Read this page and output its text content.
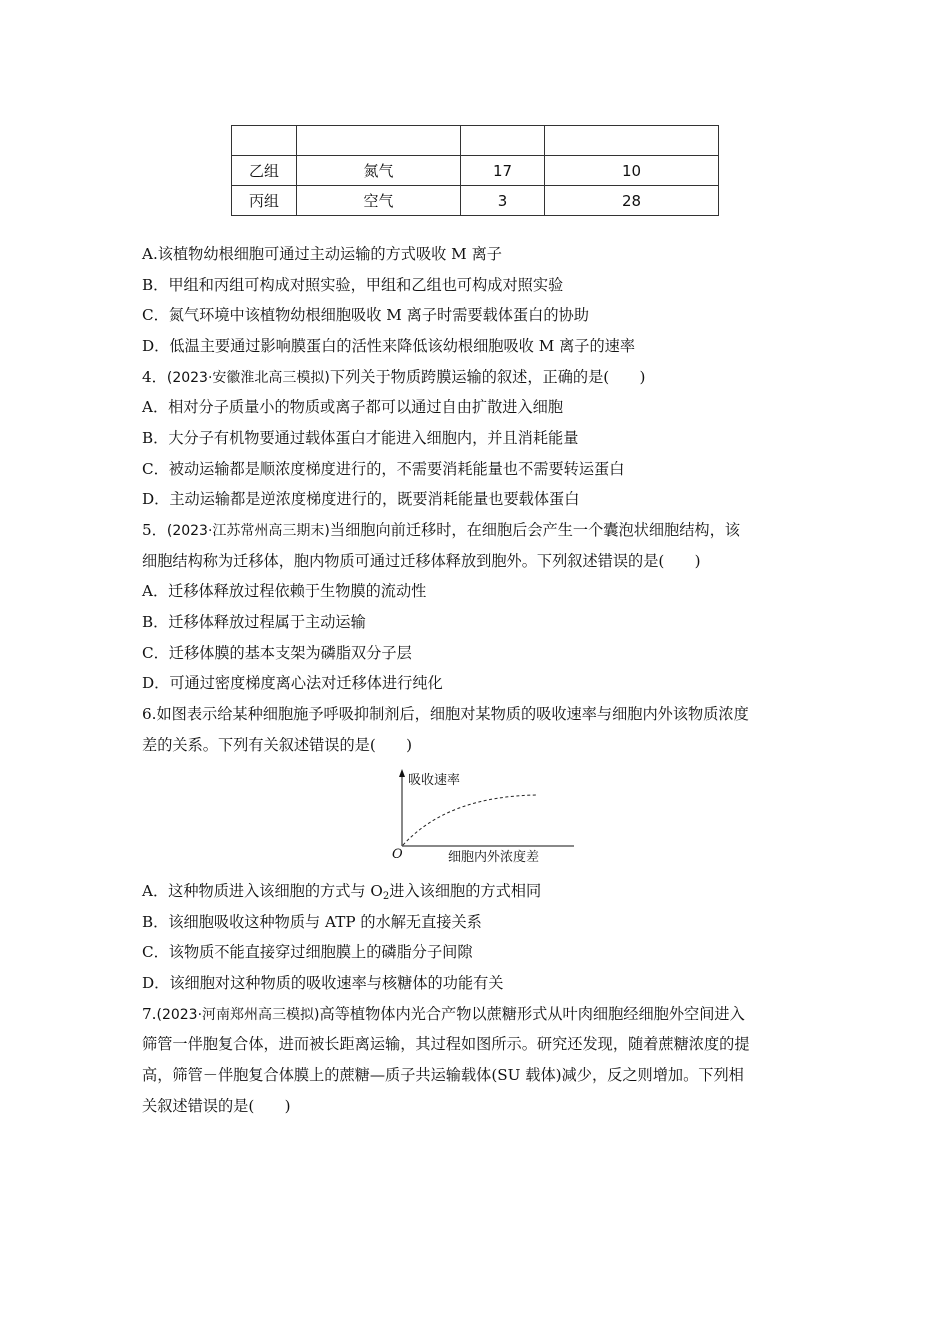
乙组	氮气	17	10
丙组	空气	3	28
A.该植物幼根细胞可通过主动运输的方式吸收 M 离子
B．甲组和丙组可构成对照实验，甲组和乙组也可构成对照实验
C．氮气环境中该植物幼根细胞吸收 M 离子时需要载体蛋白的协助
D．低温主要通过影响膜蛋白的活性来降低该幼根细胞吸收 M 离子的速率
4．(2023·安徽淮北高三模拟)下列关于物质跨膜运输的叙述，正确的是(　　)
A．相对分子质量小的物质或离子都可以通过自由扩散进入细胞
B．大分子有机物要通过载体蛋白才能进入细胞内，并且消耗能量
C．被动运输都是顺浓度梯度进行的，不需要消耗能量也不需要转运蛋白
D．主动运输都是逆浓度梯度进行的，既要消耗能量也要载体蛋白
5．(2023·江苏常州高三期末)当细胞向前迁移时，在细胞后会产生一个囊泡状细胞结构，该
细胞结构称为迁移体，胞内物质可通过迁移体释放到胞外。下列叙述错误的是(　　)
A．迁移体释放过程依赖于生物膜的流动性
B．迁移体释放过程属于主动运输
C．迁移体膜的基本支架为磷脂双分子层
D．可通过密度梯度离心法对迁移体进行纯化
6.如图表示给某种细胞施予呼吸抑制剂后，细胞对某物质的吸收速率与细胞内外该物质浓度
差的关系。下列有关叙述错误的是(　　)
吸收速率
O	细胞内外浓度差
A．这种物质进入该细胞的方式与 $O_2$进入该细胞的方式相同
B．该细胞吸收这种物质与 ATP 的水解无直接关系
C．该物质不能直接穿过细胞膜上的磷脂分子间隙
D．该细胞对这种物质的吸收速率与核糖体的功能有关
7.(2023·河南郑州高三模拟)高等植物体内光合产物以蔗糖形式从叶肉细胞经细胞外空间进入
筛管一伴胞复合体，进而被长距离运输，其过程如图所示。研究还发现，随着蔗糖浓度的提
高，筛管－伴胞复合体膜上的蔗糖—质子共运输载体(SU 载体)减少，反之则增加。下列相
关叙述错误的是(　　)
